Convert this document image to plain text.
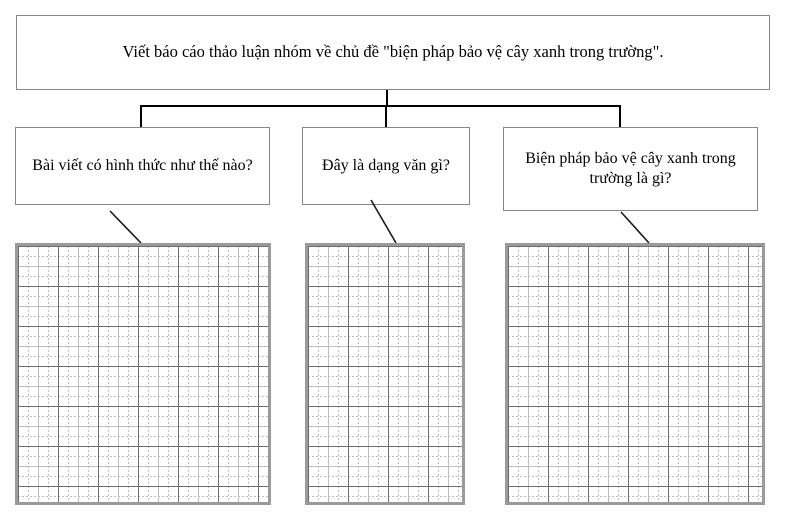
Viết báo cáo thảo luận nhóm về chủ đề "biện pháp bảo vệ cây xanh trong trường".
Bài viết có hình thức như thế nào?	Đây là dạng văn gì?	Biện pháp bảo vệ cây xanh trong trường là gì?
